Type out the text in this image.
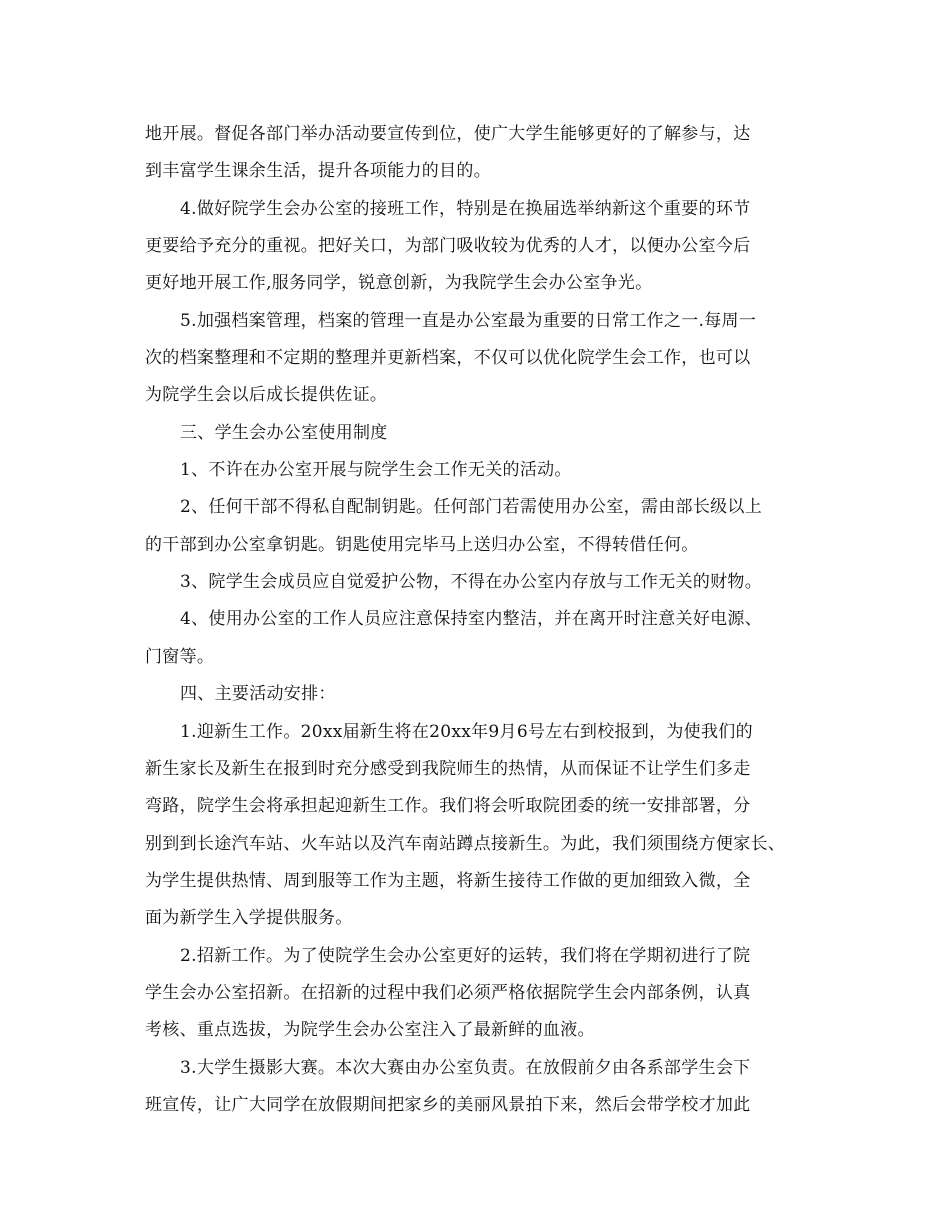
地开展。督促各部门举办活动要宣传到位，使广大学生能够更好的了解参与，达
到丰富学生课余生活，提升各项能力的目的。
4.做好院学生会办公室的接班工作，特别是在换届选举纳新这个重要的环节
更要给予充分的重视。把好关口，为部门吸收较为优秀的人才，以便办公室今后
更好地开展工作,服务同学，锐意创新，为我院学生会办公室争光。
5.加强档案管理，档案的管理一直是办公室最为重要的日常工作之一.每周一
次的档案整理和不定期的整理并更新档案，不仅可以优化院学生会工作，也可以
为院学生会以后成长提供佐证。
三、学生会办公室使用制度
1、不许在办公室开展与院学生会工作无关的活动。
2、任何干部不得私自配制钥匙。任何部门若需使用办公室，需由部长级以上
的干部到办公室拿钥匙。钥匙使用完毕马上送归办公室，不得转借任何。
3、院学生会成员应自觉爱护公物，不得在办公室内存放与工作无关的财物。
4、使用办公室的工作人员应注意保持室内整洁，并在离开时注意关好电源、
门窗等。
四、主要活动安排：
1.迎新生工作。20xx届新生将在20xx年9月6号左右到校报到，为使我们的
新生家长及新生在报到时充分感受到我院师生的热情，从而保证不让学生们多走
弯路，院学生会将承担起迎新生工作。我们将会听取院团委的统一安排部署，分
别到到长途汽车站、火车站以及汽车南站蹲点接新生。为此，我们须围绕方便家长、
为学生提供热情、周到服等工作为主题，将新生接待工作做的更加细致入微，全
面为新学生入学提供服务。
2.招新工作。为了使院学生会办公室更好的运转，我们将在学期初进行了院
学生会办公室招新。在招新的过程中我们必须严格依据院学生会内部条例，认真
考核、重点选拔，为院学生会办公室注入了最新鲜的血液。
3.大学生摄影大赛。本次大赛由办公室负责。在放假前夕由各系部学生会下
班宣传，让广大同学在放假期间把家乡的美丽风景拍下来，然后会带学校才加此
